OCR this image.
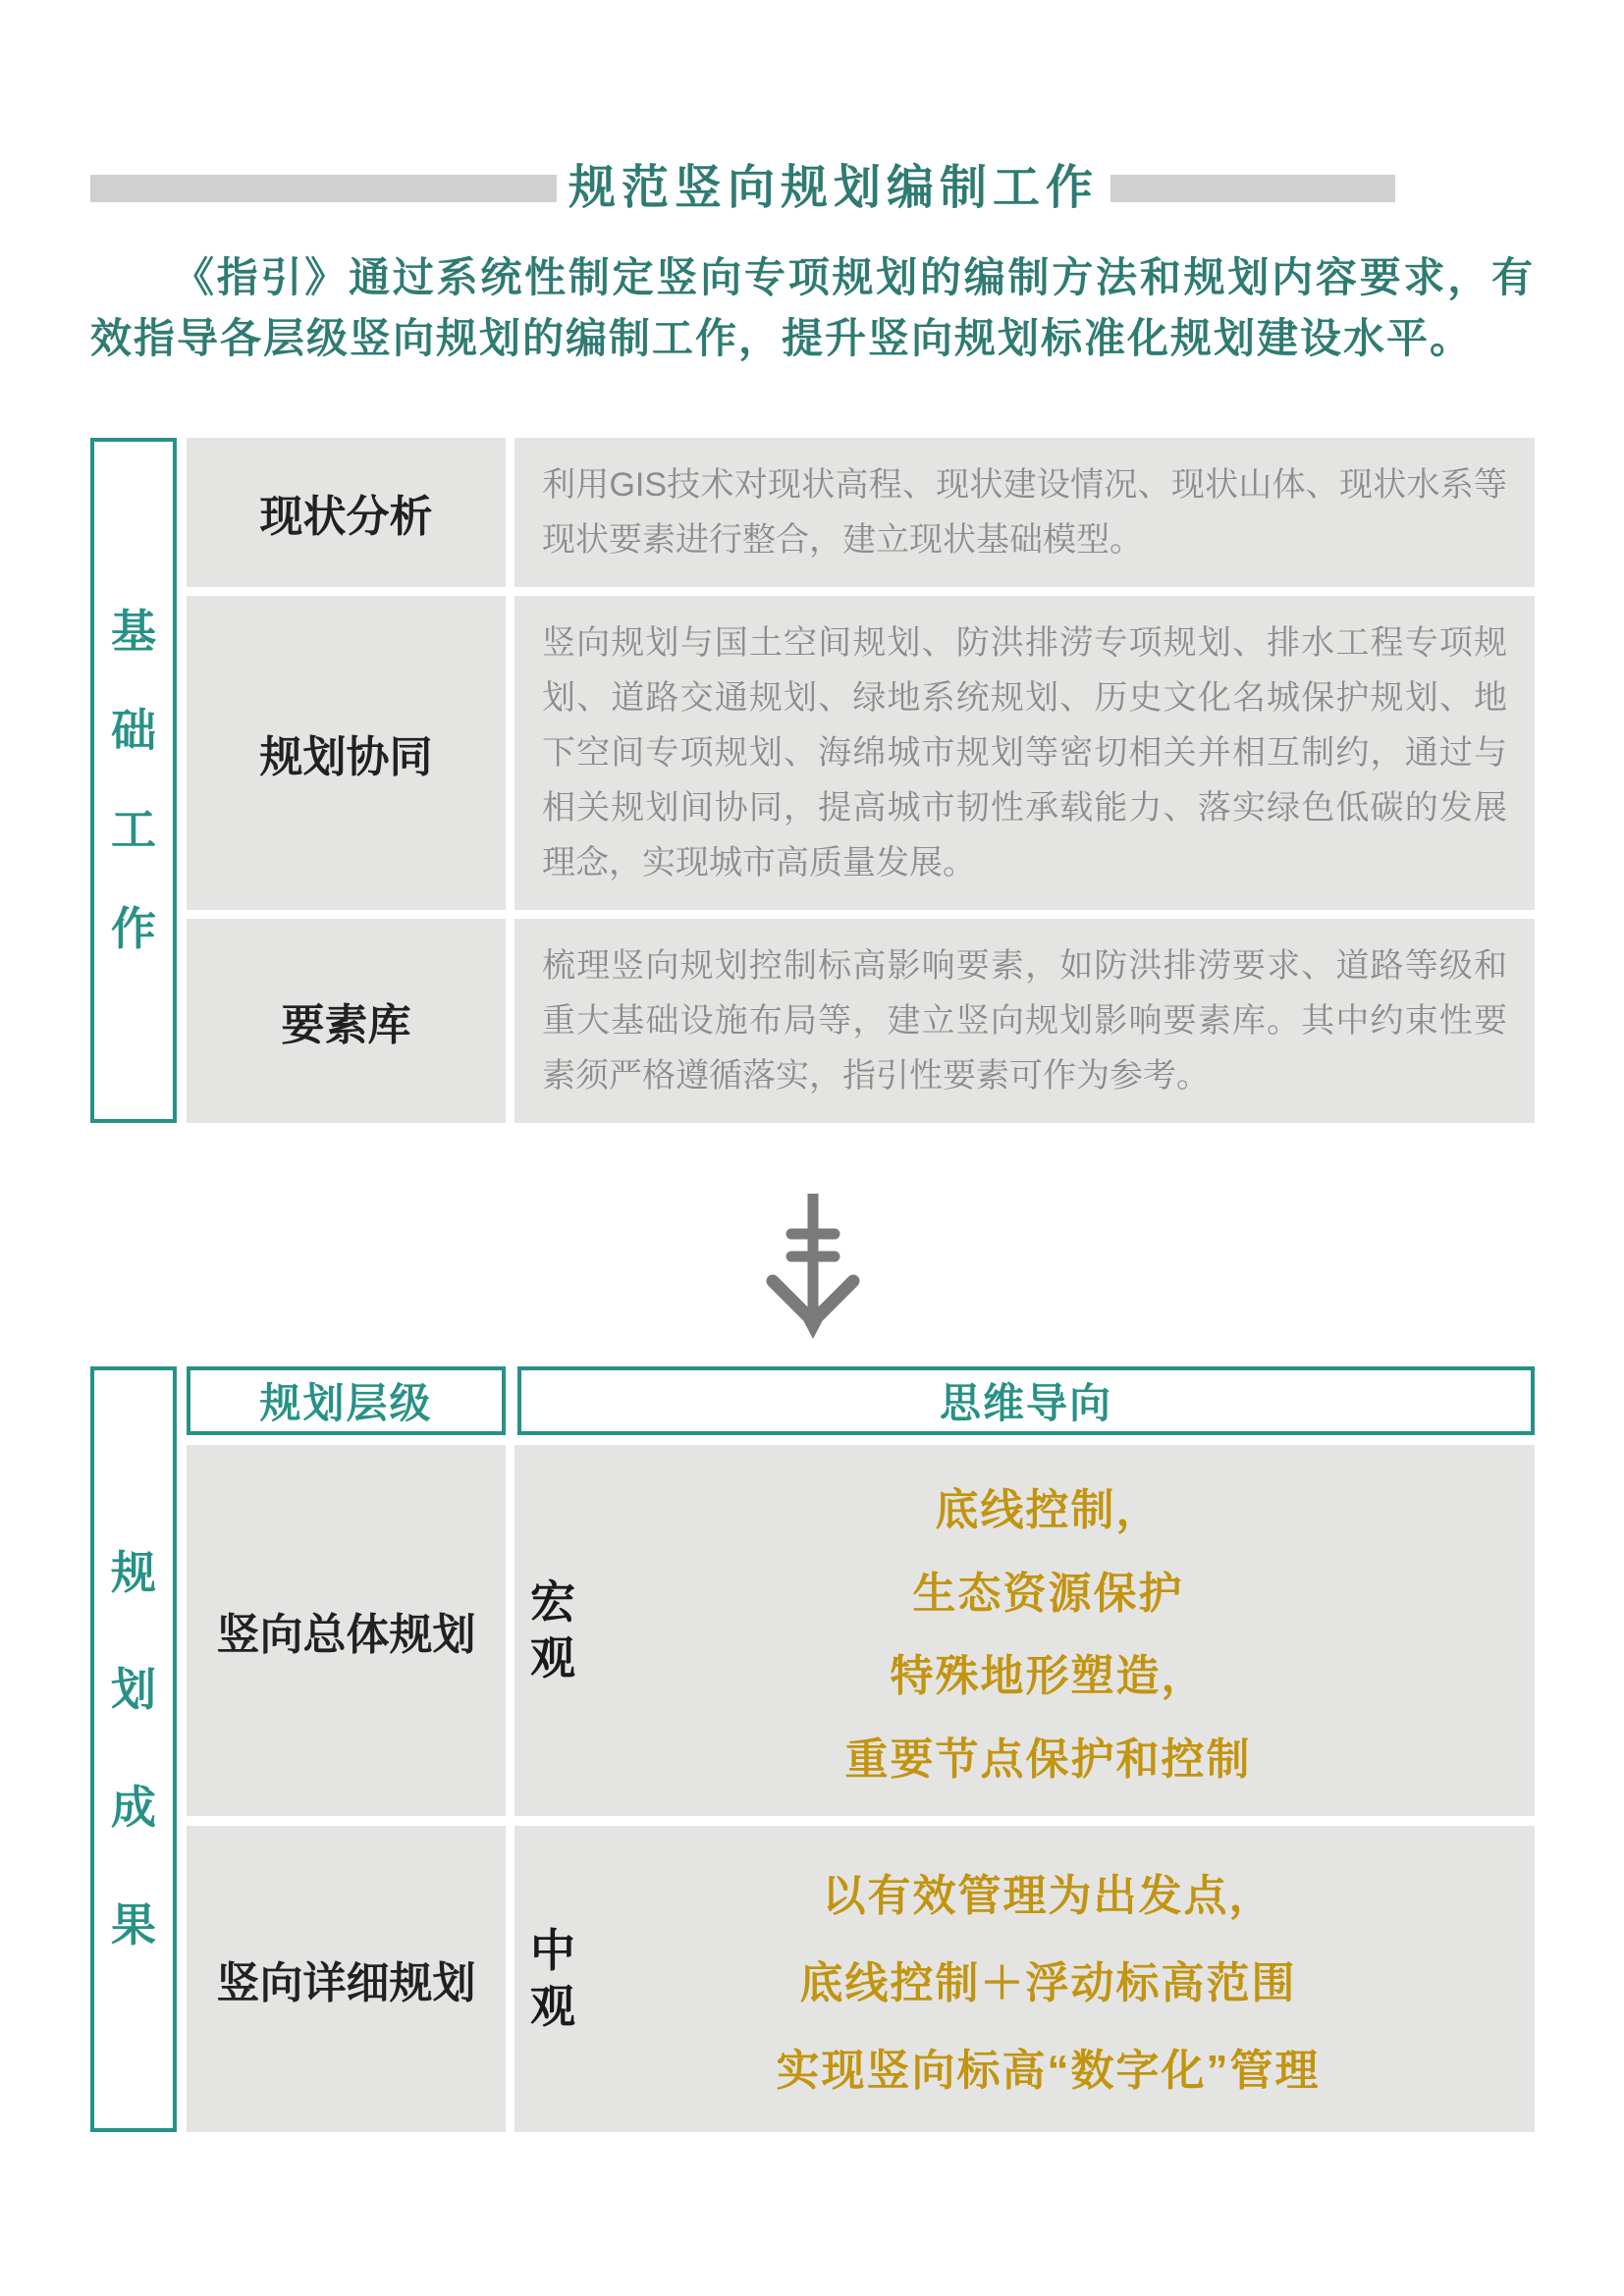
规范竖向规划编制工作

《指引》通过系统性制定竖向专项规划的编制方法和规划内容要求，有效指导各层级竖向规划的编制工作，提升竖向规划标准化规划建设水平。

基础工作
现状分析
利用GIS技术对现状高程、现状建设情况、现状山体、现状水系等现状要素进行整合，建立现状基础模型。
规划协同
竖向规划与国土空间规划、防洪排涝专项规划、排水工程专项规划、道路交通规划、绿地系统规划、历史文化名城保护规划、地下空间专项规划、海绵城市规划等密切相关并相互制约，通过与相关规划间协同，提高城市韧性承载能力、落实绿色低碳的发展理念，实现城市高质量发展。
要素库
梳理竖向规划控制标高影响要素，如防洪排涝要求、道路等级和重大基础设施布局等，建立竖向规划影响要素库。其中约束性要素须严格遵循落实，指引性要素可作为参考。
规划成果
规划层级	思维导向
竖向总体规划
宏观
底线控制，
生态资源保护
特殊地形塑造，
重要节点保护和控制
竖向详细规划
中观
以有效管理为出发点，
底线控制＋浮动标高范围
实现竖向标高“数字化”管理
